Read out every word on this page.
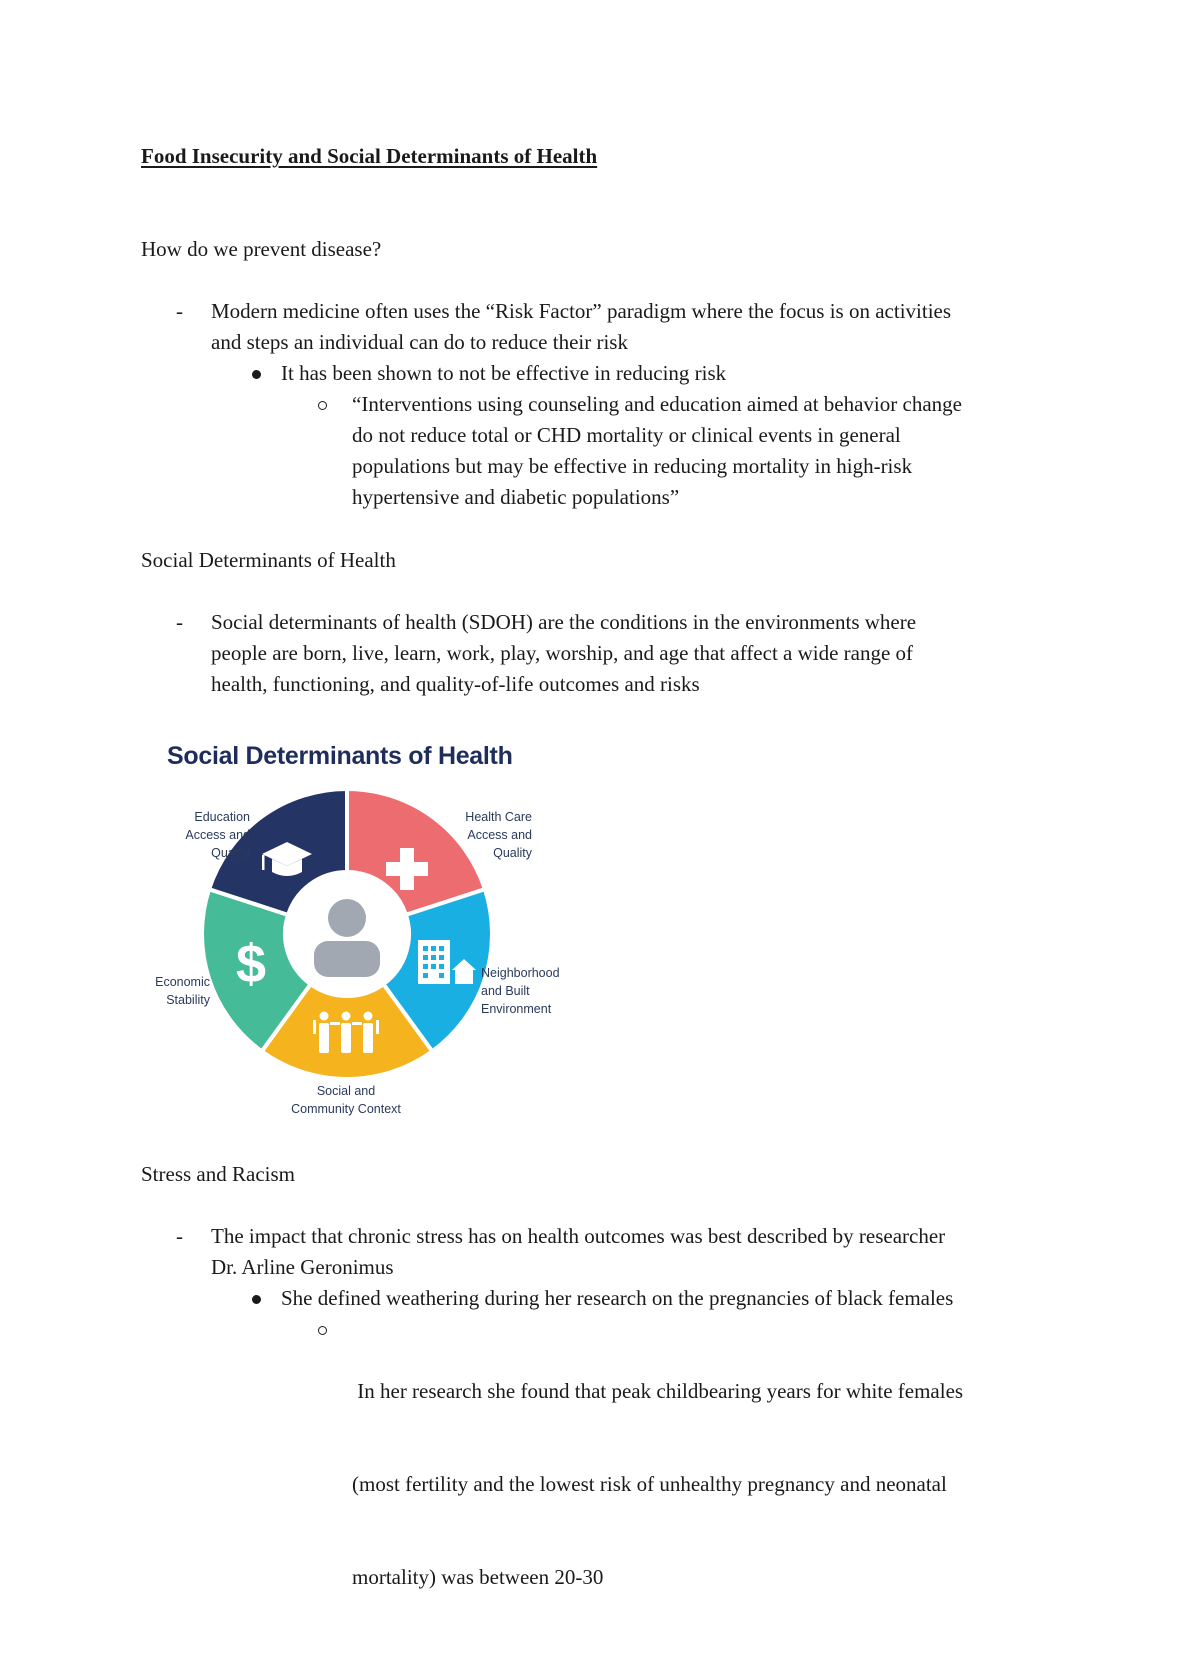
Food Insecurity and Social Determinants of Health

How do we prevent disease?

- Modern medicine often uses the “Risk Factor” paradigm where the focus is on activities
and steps an individual can do to reduce their risk

It has been shown to not be effective in reducing risk

“Interventions using counseling and education aimed at behavior change
do not reduce total or CHD mortality or clinical events in general
populations but may be effective in reducing mortality in high-risk
hypertensive and diabetic populations”

Social Determinants of Health

- Social determinants of health (SDOH) are the conditions in the environments where
people are born, live, learn, work, play, worship, and age that affect a wide range of
health, functioning, and quality-of-life outcomes and risks

Social Determinants of Health

$
Education
Access and
Quality
Health Care
Access and
Quality
Neighborhood
and Built
Environment
Economic
Stability
Social and
Community Context

Stress and Racism

- The impact that chronic stress has on health outcomes was best described by researcher
Dr. Arline Geronimus

She defined weathering during her research on the pregnancies of black females

In her research she found that peak childbearing years for white females

(most fertility and the lowest risk of unhealthy pregnancy and neonatal

mortality) was between 20-30
